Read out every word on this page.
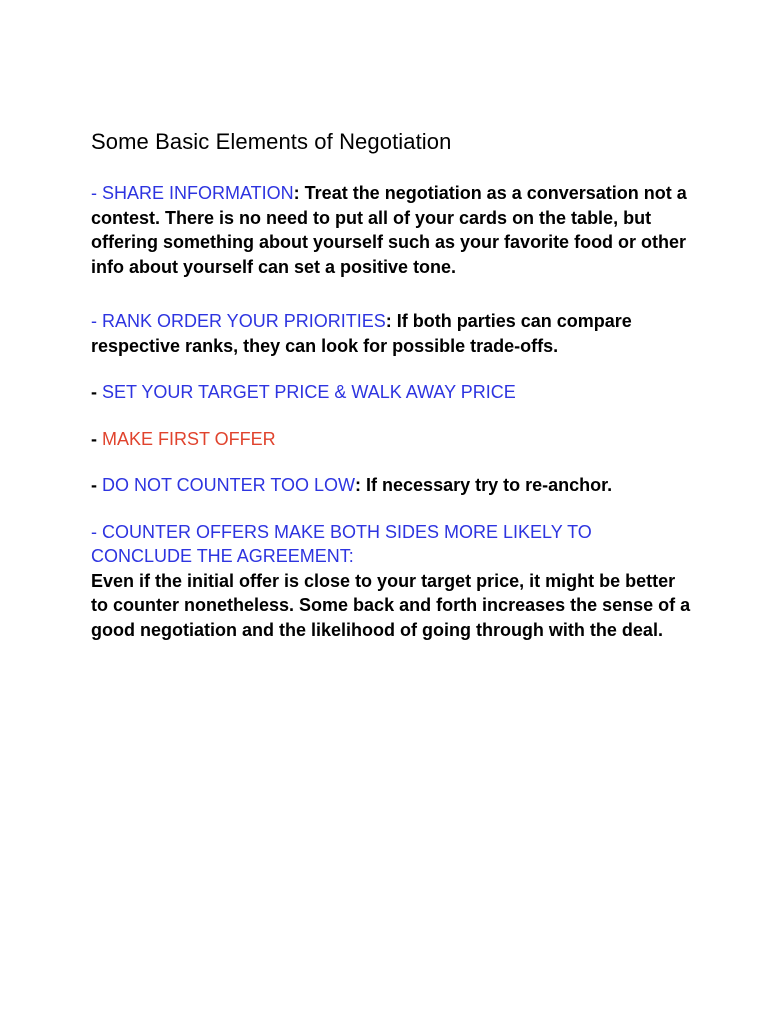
Some Basic Elements of Negotiation

- SHARE INFORMATION: Treat the negotiation as a conversation not a contest. There is no need to put all of your cards on the table, but offering something about yourself such as your favorite food or other info about yourself can set a positive tone.

- RANK ORDER YOUR PRIORITIES: If both parties can compare respective ranks, they can look for possible trade-offs.

- SET YOUR TARGET PRICE & WALK AWAY PRICE

- MAKE FIRST OFFER

- DO NOT COUNTER TOO LOW: If necessary try to re-anchor.

- COUNTER OFFERS MAKE BOTH SIDES MORE LIKELY TO CONCLUDE THE AGREEMENT:
Even if the initial offer is close to your target price, it might be better to counter nonetheless. Some back and forth increases the sense of a good negotiation and the likelihood of going through with the deal.
